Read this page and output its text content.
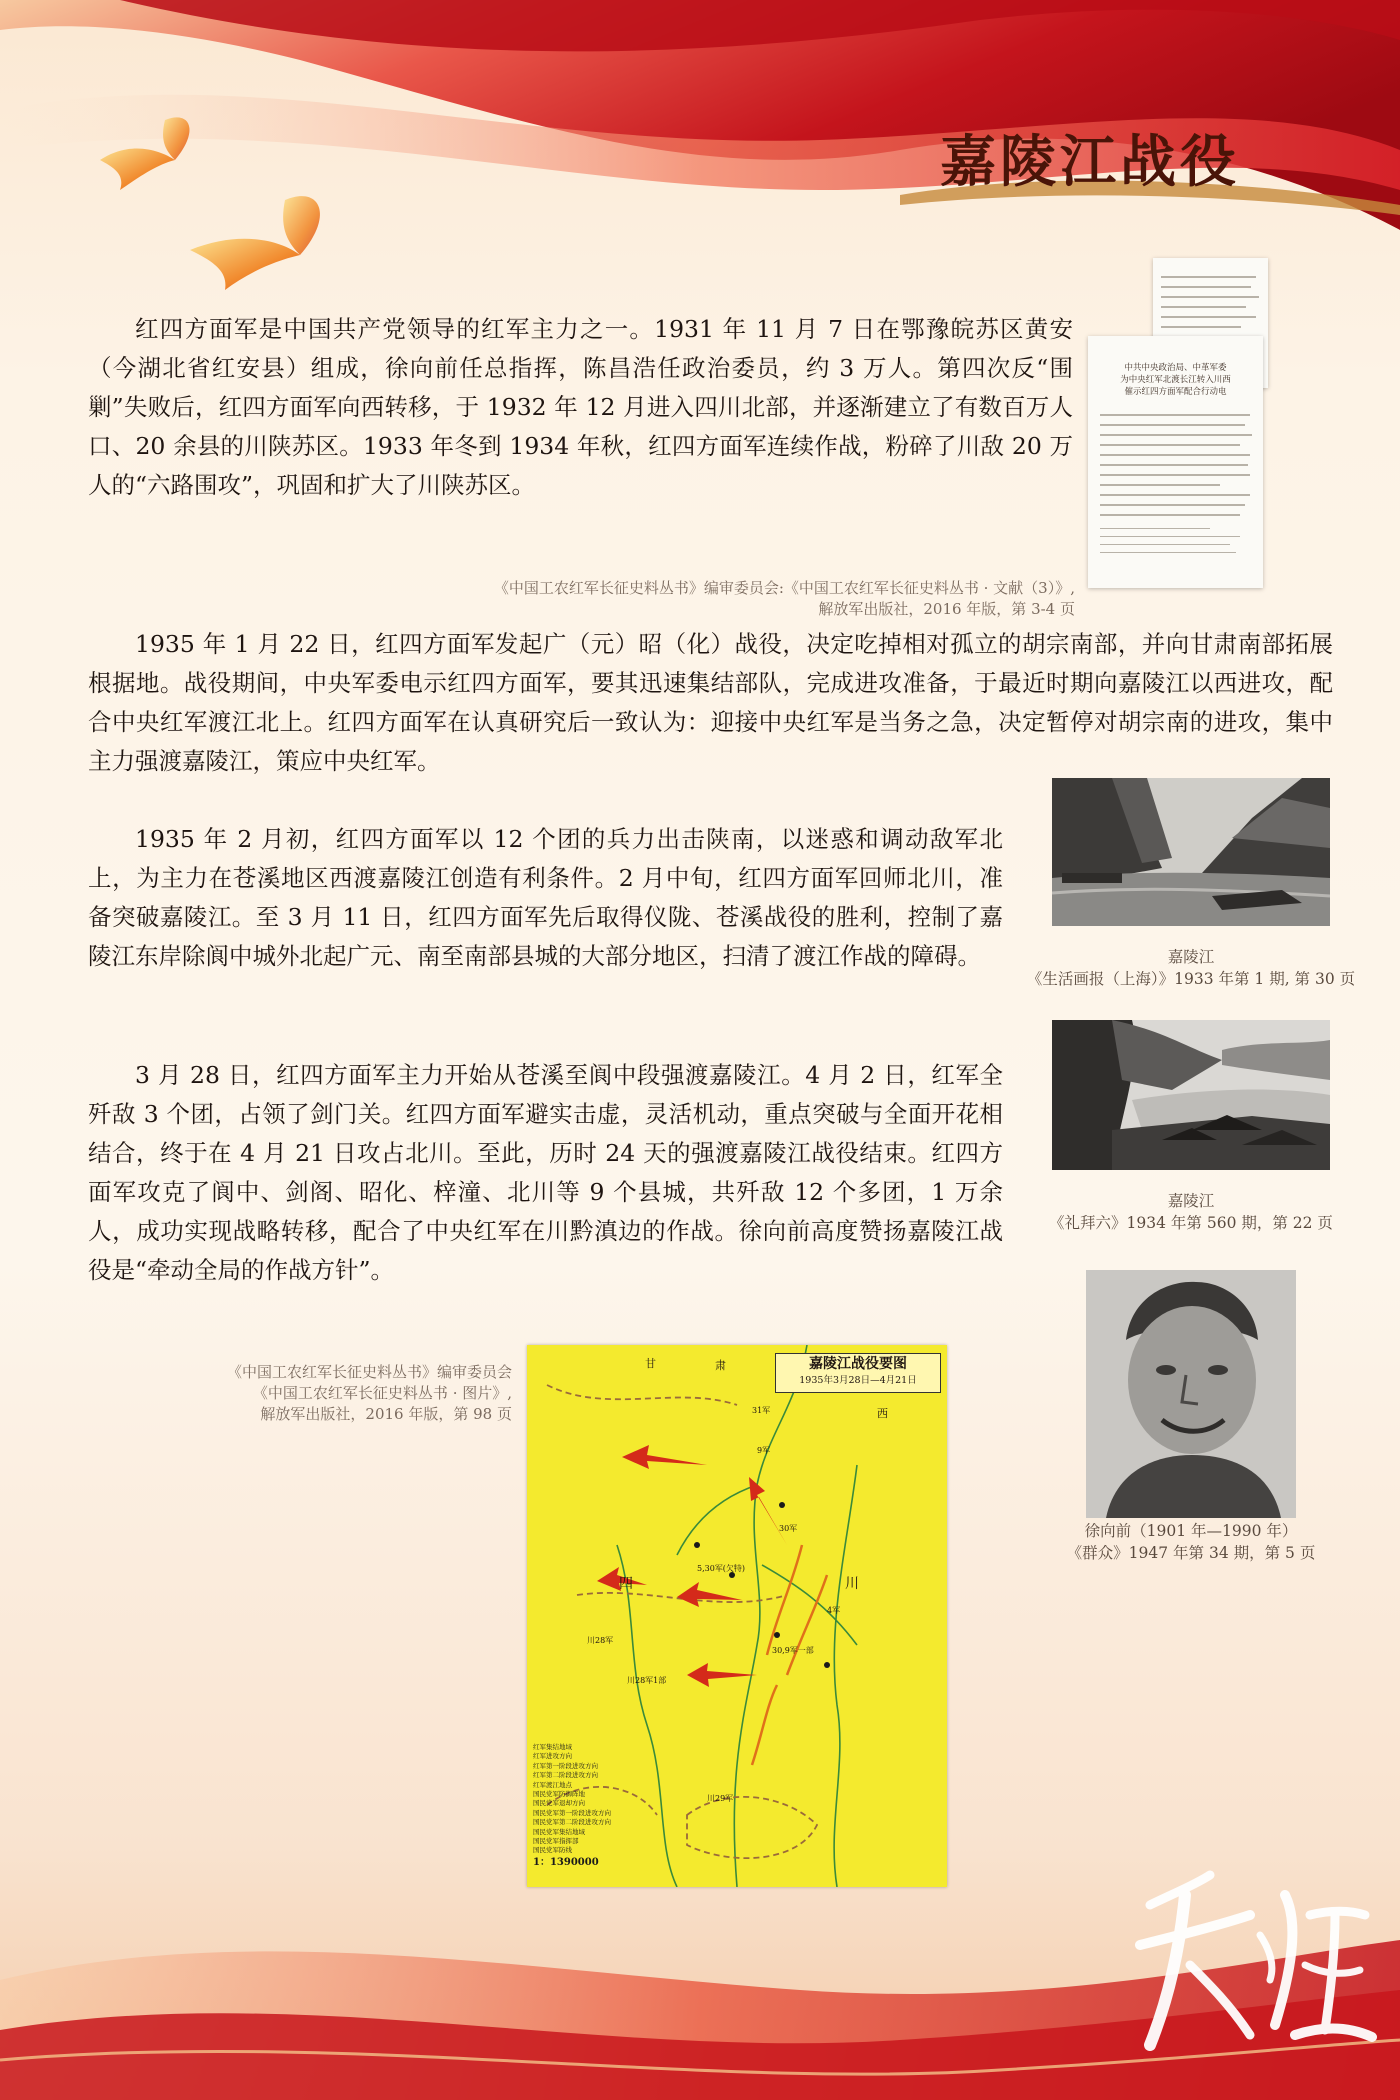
嘉陵江战役

红四方面军是中国共产党领导的红军主力之一。1931 年 11 月 7 日在鄂豫皖苏区黄安（今湖北省红安县）组成，徐向前任总指挥，陈昌浩任政治委员，约 3 万人。第四次反“围剿”失败后，红四方面军向西转移，于 1932 年 12 月进入四川北部，并逐渐建立了有数百万人口、20 余县的川陕苏区。1933 年冬到 1934 年秋，红四方面军连续作战，粉碎了川敌 20 万人的“六路围攻”，巩固和扩大了川陕苏区。

《中国工农红军长征史料丛书》编审委员会:《中国工农红军长征史料丛书 · 文献（3）》,
解放军出版社，2016 年版，第 3-4 页

中共中央政治局、中革军委
为中央红军北渡长江转入川西
催示红四方面军配合行动电

1935 年 1 月 22 日，红四方面军发起广（元）昭（化）战役，决定吃掉相对孤立的胡宗南部，并向甘肃南部拓展根据地。战役期间，中央军委电示红四方面军，要其迅速集结部队，完成进攻准备，于最近时期向嘉陵江以西进攻，配合中央红军渡江北上。红四方面军在认真研究后一致认为：迎接中央红军是当务之急，决定暂停对胡宗南的进攻，集中主力强渡嘉陵江，策应中央红军。

1935 年 2 月初，红四方面军以 12 个团的兵力出击陕南，以迷惑和调动敌军北上，为主力在苍溪地区西渡嘉陵江创造有利条件。2 月中旬，红四方面军回师北川，准备突破嘉陵江。至 3 月 11 日，红四方面军先后取得仪陇、苍溪战役的胜利，控制了嘉陵江东岸除阆中城外北起广元、南至南部县城的大部分地区，扫清了渡江作战的障碍。

3 月 28 日，红四方面军主力开始从苍溪至阆中段强渡嘉陵江。4 月 2 日，红军全歼敌 3 个团，占领了剑门关。红四方面军避实击虚，灵活机动，重点突破与全面开花相结合，终于在 4 月 21 日攻占北川。至此，历时 24 天的强渡嘉陵江战役结束。红四方面军攻克了阆中、剑阁、昭化、梓潼、北川等 9 个县城，共歼敌 12 个多团，1 万余人，成功实现战略转移，配合了中央红军在川黔滇边的作战。徐向前高度赞扬嘉陵江战役是“牵动全局的作战方针”。

嘉陵江
《生活画报（上海）》1933 年第 1 期, 第 30 页

嘉陵江
《礼拜六》1934 年第 560 期，第 22 页

徐向前（1901 年—1990 年）
《群众》1947 年第 34 期，第 5 页

《中国工农红军长征史料丛书》编审委员会
《中国工农红军长征史料丛书 · 图片》,
解放军出版社，2016 年版，第 98 页

嘉陵江战役要图
1935年3月28日—4月21日
甘	肃
西
四	川
9军
30军
4军
31军
5,30军(欠特)
30,9军一部
川28军
川29军
川28军1部
红军集结地域
红军进攻方向
红军第一阶段进攻方向
红军第二阶段进攻方向
红军渡江地点
国民党军防御阵地
国民党军退却方向
国民党军第一阶段进攻方向
国民党军第二阶段进攻方向
国民党军集结地域
国民党军指挥部
国民党军防线
1：1390000
